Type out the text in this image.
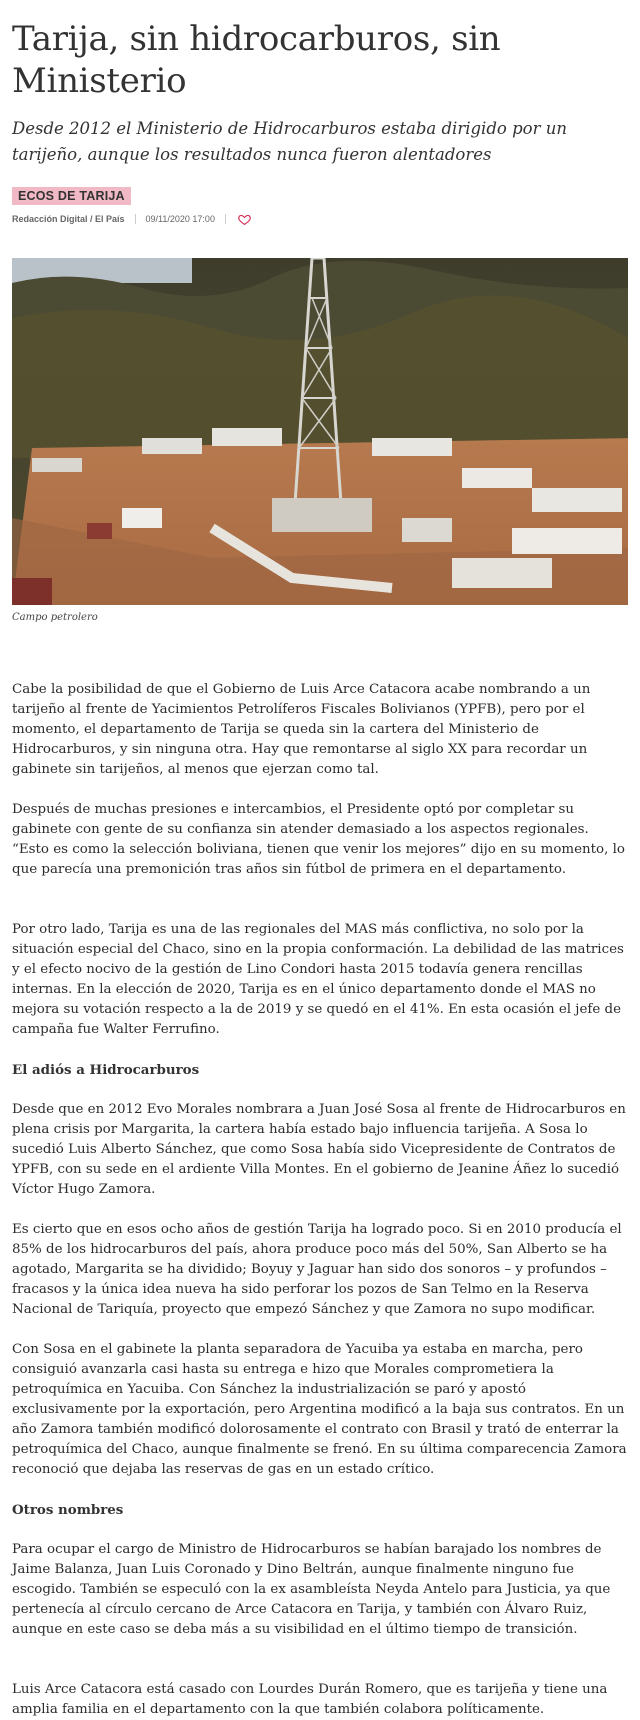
Tarija, sin hidrocarburos, sin Ministerio

Desde 2012 el Ministerio de Hidrocarburos estaba dirigido por un tarijeño, aunque los resultados nunca fueron alentadores

ECOS DE TARIJA
Redacción Digital / El País 09/11/2020 17:00
Campo petrolero

Cabe la posibilidad de que el Gobierno de Luis Arce Catacora acabe nombrando a un tarijeño al frente de Yacimientos Petrolíferos Fiscales Bolivianos (YPFB), pero por el momento, el departamento de Tarija se queda sin la cartera del Ministerio de Hidrocarburos, y sin ninguna otra. Hay que remontarse al siglo XX para recordar un gabinete sin tarijeños, al menos que ejerzan como tal.

Después de muchas presiones e intercambios, el Presidente optó por completar su gabinete con gente de su confianza sin atender demasiado a los aspectos regionales. “Esto es como la selección boliviana, tienen que venir los mejores” dijo en su momento, lo que parecía una premonición tras años sin fútbol de primera en el departamento.

Por otro lado, Tarija es una de las regionales del MAS más conflictiva, no solo por la situación especial del Chaco, sino en la propia conformación. La debilidad de las matrices y el efecto nocivo de la gestión de Lino Condori hasta 2015 todavía genera rencillas internas. En la elección de 2020, Tarija es en el único departamento donde el MAS no mejora su votación respecto a la de 2019 y se quedó en el 41%. En esta ocasión el jefe de campaña fue Walter Ferrufino.

El adiós a Hidrocarburos

Desde que en 2012 Evo Morales nombrara a Juan José Sosa al frente de Hidrocarburos en plena crisis por Margarita, la cartera había estado bajo influencia tarijeña. A Sosa lo sucedió Luis Alberto Sánchez, que como Sosa había sido Vicepresidente de Contratos de YPFB, con su sede en el ardiente Villa Montes. En el gobierno de Jeanine Áñez lo sucedió Víctor Hugo Zamora.

Es cierto que en esos ocho años de gestión Tarija ha logrado poco. Si en 2010 producía el 85% de los hidrocarburos del país, ahora produce poco más del 50%, San Alberto se ha agotado, Margarita se ha dividido; Boyuy y Jaguar han sido dos sonoros – y profundos – fracasos y la única idea nueva ha sido perforar los pozos de San Telmo en la Reserva Nacional de Tariquía, proyecto que empezó Sánchez y que Zamora no supo modificar.

Con Sosa en el gabinete la planta separadora de Yacuiba ya estaba en marcha, pero consiguió avanzarla casi hasta su entrega e hizo que Morales comprometiera la petroquímica en Yacuiba. Con Sánchez la industrialización se paró y apostó exclusivamente por la exportación, pero Argentina modificó a la baja sus contratos. En un año Zamora también modificó dolorosamente el contrato con Brasil y trató de enterrar la petroquímica del Chaco, aunque finalmente se frenó. En su última comparecencia Zamora reconoció que dejaba las reservas de gas en un estado crítico.

Otros nombres

Para ocupar el cargo de Ministro de Hidrocarburos se habían barajado los nombres de Jaime Balanza, Juan Luis Coronado y Dino Beltrán, aunque finalmente ninguno fue escogido. También se especuló con la ex asambleísta Neyda Antelo para Justicia, ya que pertenecía al círculo cercano de Arce Catacora en Tarija, y también con Álvaro Ruiz, aunque en este caso se deba más a su visibilidad en el último tiempo de transición.

Luis Arce Catacora está casado con Lourdes Durán Romero, que es tarijeña y tiene una amplia familia en el departamento con la que también colabora políticamente.
